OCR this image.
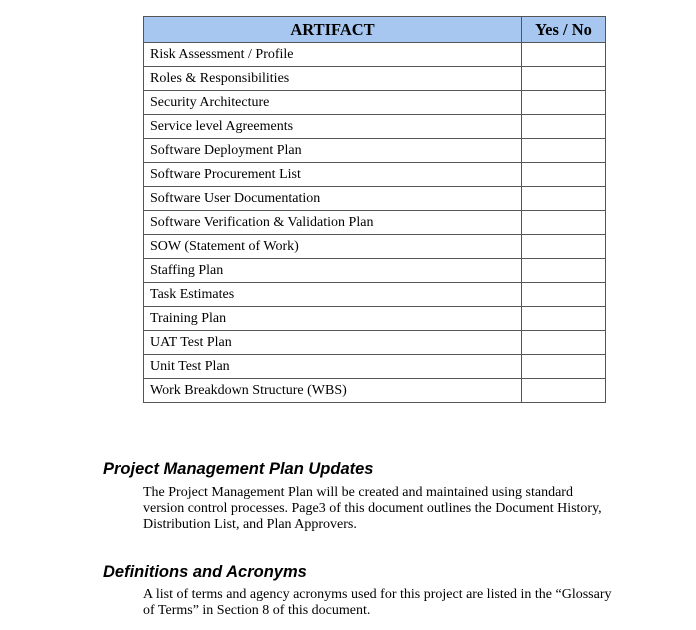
ARTIFACT	Yes / No
Risk Assessment / Profile	
Roles & Responsibilities	
Security Architecture	
Service level Agreements	
Software Deployment Plan	
Software Procurement List	
Software User Documentation	
Software Verification & Validation Plan	
SOW (Statement of Work)	
Staffing Plan	
Task Estimates	
Training Plan	
UAT Test Plan	
Unit Test Plan	
Work Breakdown Structure (WBS)	
Project Management Plan Updates

The Project Management Plan will be created and maintained using standard version control processes. Page3 of this document outlines the Document History, Distribution List, and Plan Approvers.

Definitions and Acronyms

A list of terms and agency acronyms used for this project are listed in the “Glossary of Terms” in Section 8 of this document.
